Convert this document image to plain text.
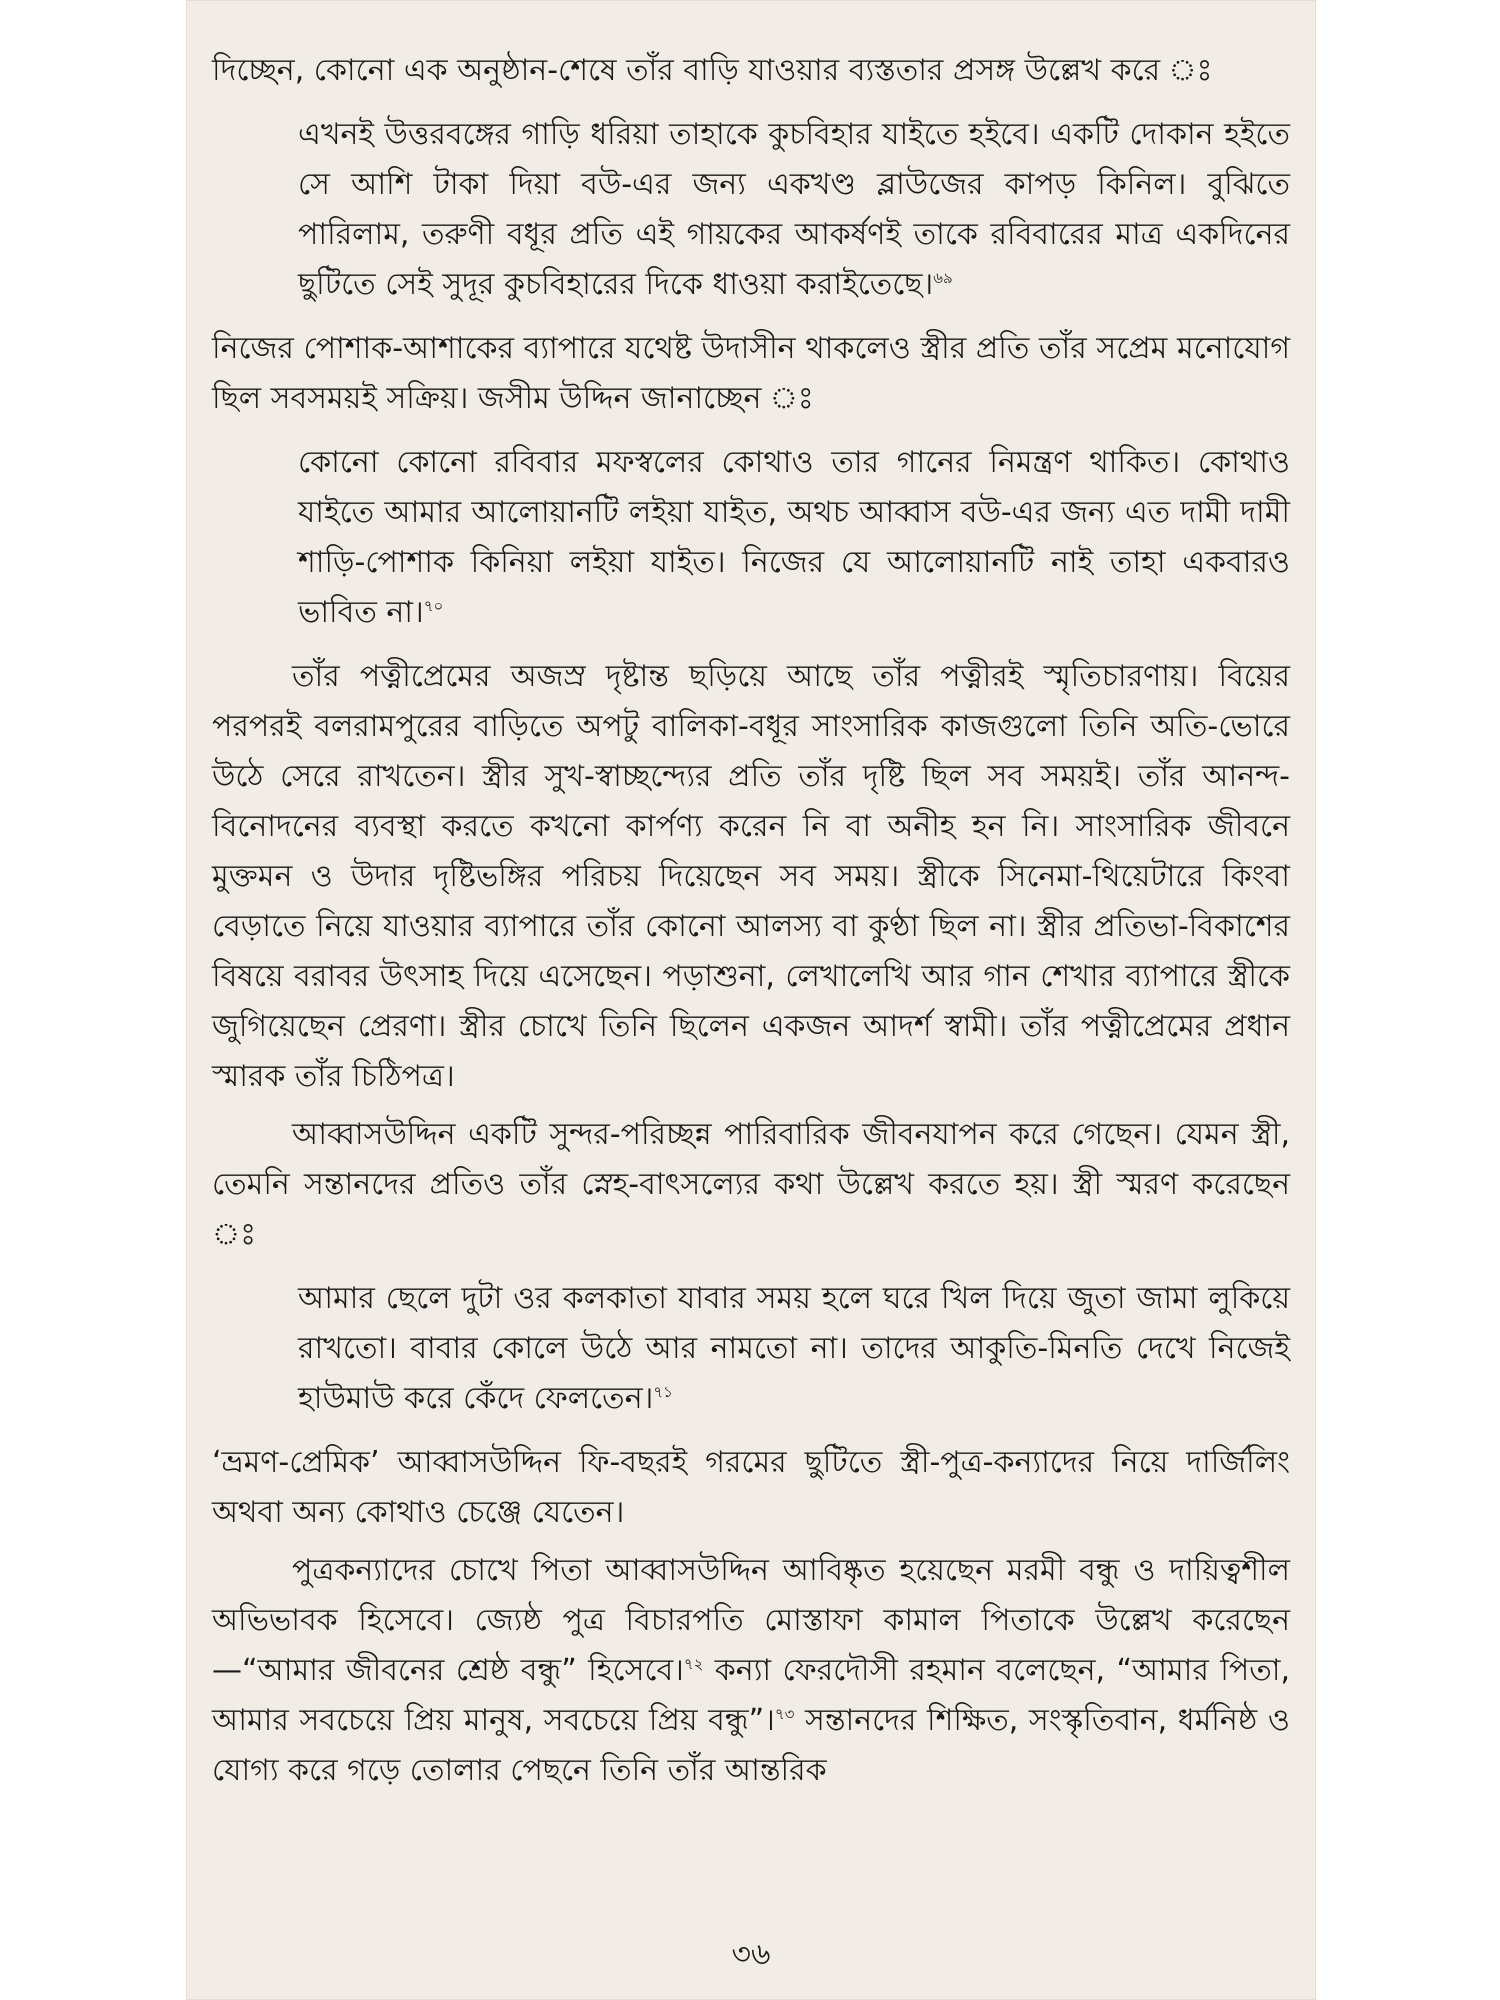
দিচ্ছেন, কোনো এক অনুষ্ঠান-শেষে তাঁর বাড়ি যাওয়ার ব্যস্ততার প্রসঙ্গ উল্লেখ করে ঃ

এখনই উত্তরবঙ্গের গাড়ি ধরিয়া তাহাকে কুচবিহার যাইতে হইবে। একটি দোকান হইতে সে আশি টাকা দিয়া বউ-এর জন্য একখণ্ড ব্লাউজের কাপড় কিনিল। বুঝিতে পারিলাম, তরুণী বধূর প্রতি এই গায়কের আকর্ষণই তাকে রবিবারের মাত্র একদিনের ছুটিতে সেই সুদূর কুচবিহারের দিকে ধাওয়া করাইতেছে।$^{৬৯}$

নিজের পোশাক-আশাকের ব্যাপারে যথেষ্ট উদাসীন থাকলেও স্ত্রীর প্রতি তাঁর সপ্রেম মনোযোগ ছিল সবসময়ই সক্রিয়। জসীম উদ্দিন জানাচ্ছেন ঃ

কোনো কোনো রবিবার মফস্বলের কোথাও তার গানের নিমন্ত্রণ থাকিত। কোথাও যাইতে আমার আলোয়ানটি লইয়া যাইত, অথচ আব্বাস বউ-এর জন্য এত দামী দামী শাড়ি-পোশাক কিনিয়া লইয়া যাইত। নিজের যে আলোয়ানটি নাই তাহা একবারও ভাবিত না।$^{৭০}$

তাঁর পত্নীপ্রেমের অজস্র দৃষ্টান্ত ছড়িয়ে আছে তাঁর পত্নীরই স্মৃতিচারণায়। বিয়ের পরপরই বলরামপুরের বাড়িতে অপটু বালিকা-বধূর সাংসারিক কাজগুলো তিনি অতি-ভোরে উঠে সেরে রাখতেন। স্ত্রীর সুখ-স্বাচ্ছন্দ্যের প্রতি তাঁর দৃষ্টি ছিল সব সময়ই। তাঁর আনন্দ-বিনোদনের ব্যবস্থা করতে কখনো কার্পণ্য করেন নি বা অনীহ হন নি। সাংসারিক জীবনে মুক্তমন ও উদার দৃষ্টিভঙ্গির পরিচয় দিয়েছেন সব সময়। স্ত্রীকে সিনেমা-থিয়েটারে কিংবা বেড়াতে নিয়ে যাওয়ার ব্যাপারে তাঁর কোনো আলস্য বা কুণ্ঠা ছিল না। স্ত্রীর প্রতিভা-বিকাশের বিষয়ে বরাবর উৎসাহ দিয়ে এসেছেন। পড়াশুনা, লেখালেখি আর গান শেখার ব্যাপারে স্ত্রীকে জুগিয়েছেন প্রেরণা। স্ত্রীর চোখে তিনি ছিলেন একজন আদর্শ স্বামী। তাঁর পত্নীপ্রেমের প্রধান স্মারক তাঁর চিঠিপত্র।

আব্বাসউদ্দিন একটি সুন্দর-পরিচ্ছন্ন পারিবারিক জীবনযাপন করে গেছেন। যেমন স্ত্রী, তেমনি সন্তানদের প্রতিও তাঁর স্নেহ-বাৎসল্যের কথা উল্লেখ করতে হয়। স্ত্রী স্মরণ করেছেন ঃ

আমার ছেলে দুটা ওর কলকাতা যাবার সময় হলে ঘরে খিল দিয়ে জুতা জামা লুকিয়ে রাখতো। বাবার কোলে উঠে আর নামতো না। তাদের আকুতি-মিনতি দেখে নিজেই হাউমাউ করে কেঁদে ফেলতেন।$^{৭১}$

‘ভ্রমণ-প্রেমিক’ আব্বাসউদ্দিন ফি-বছরই গরমের ছুটিতে স্ত্রী-পুত্র-কন্যাদের নিয়ে দার্জিলিং অথবা অন্য কোথাও চেঞ্জে যেতেন।

পুত্রকন্যাদের চোখে পিতা আব্বাসউদ্দিন আবিষ্কৃত হয়েছেন মরমী বন্ধু ও দায়িত্বশীল অভিভাবক হিসেবে। জ্যেষ্ঠ পুত্র বিচারপতি মোস্তাফা কামাল পিতাকে উল্লেখ করেছেন —“আমার জীবনের শ্রেষ্ঠ বন্ধু” হিসেবে।$^{৭২}$ কন্যা ফেরদৌসী রহমান বলেছেন, “আমার পিতা, আমার সবচেয়ে প্রিয় মানুষ, সবচেয়ে প্রিয় বন্ধু”।$^{৭৩}$ সন্তানদের শিক্ষিত, সংস্কৃতিবান, ধর্মনিষ্ঠ ও যোগ্য করে গড়ে তোলার পেছনে তিনি তাঁর আন্তরিক

৩৬
